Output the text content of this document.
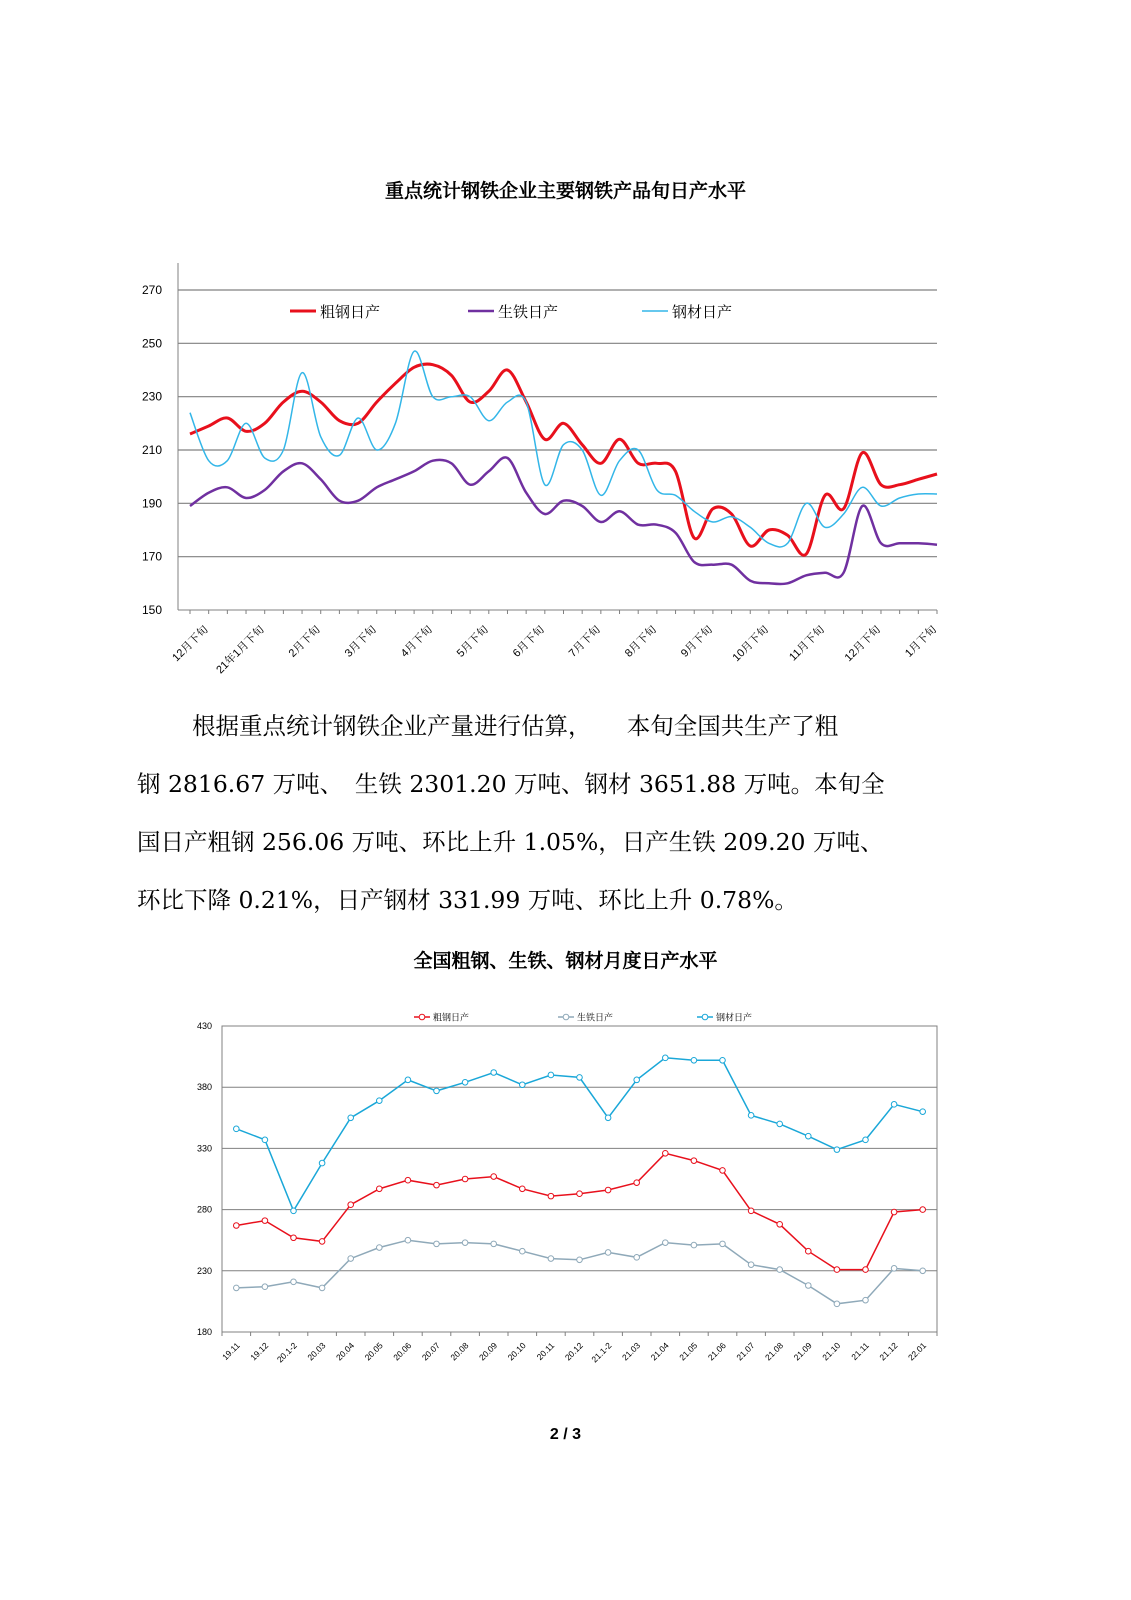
重点统计钢铁企业主要钢铁产品旬日产水平
150
170
190
210
230
250
270
12月下旬 21年1月下旬 2月下旬 3月下旬 4月下旬 5月下旬 6月下旬 7月下旬 8月下旬 9月下旬 10月下旬 11月下旬 12月下旬 1月下旬
粗钢日产	生铁日产	钢材日产
根据重点统计钢铁企业产量进行估算，　　本旬全国共生产了粗
钢 2816.67 万吨、　生铁 2301.20 万吨、钢材 3651.88 万吨。本旬全
国日产粗钢 256.06 万吨、环比上升 1.05%，日产生铁 209.20 万吨、
环比下降 0.21%，日产钢材 331.99 万吨、环比上升 0.78%。
全国粗钢、生铁、钢材月度日产水平
180
230
280
330
380
430
19.11 19.12 20.1-2 20.03 20.04 20.05 20.06 20.07 20.08 20.09 20.10 20.11 20.12 21.1-2 21.03 21.04 21.05 21.06 21.07 21.08 21.09 21.10 21.11 21.12 22.01
粗钢日产	生铁日产	钢材日产
2 / 3
